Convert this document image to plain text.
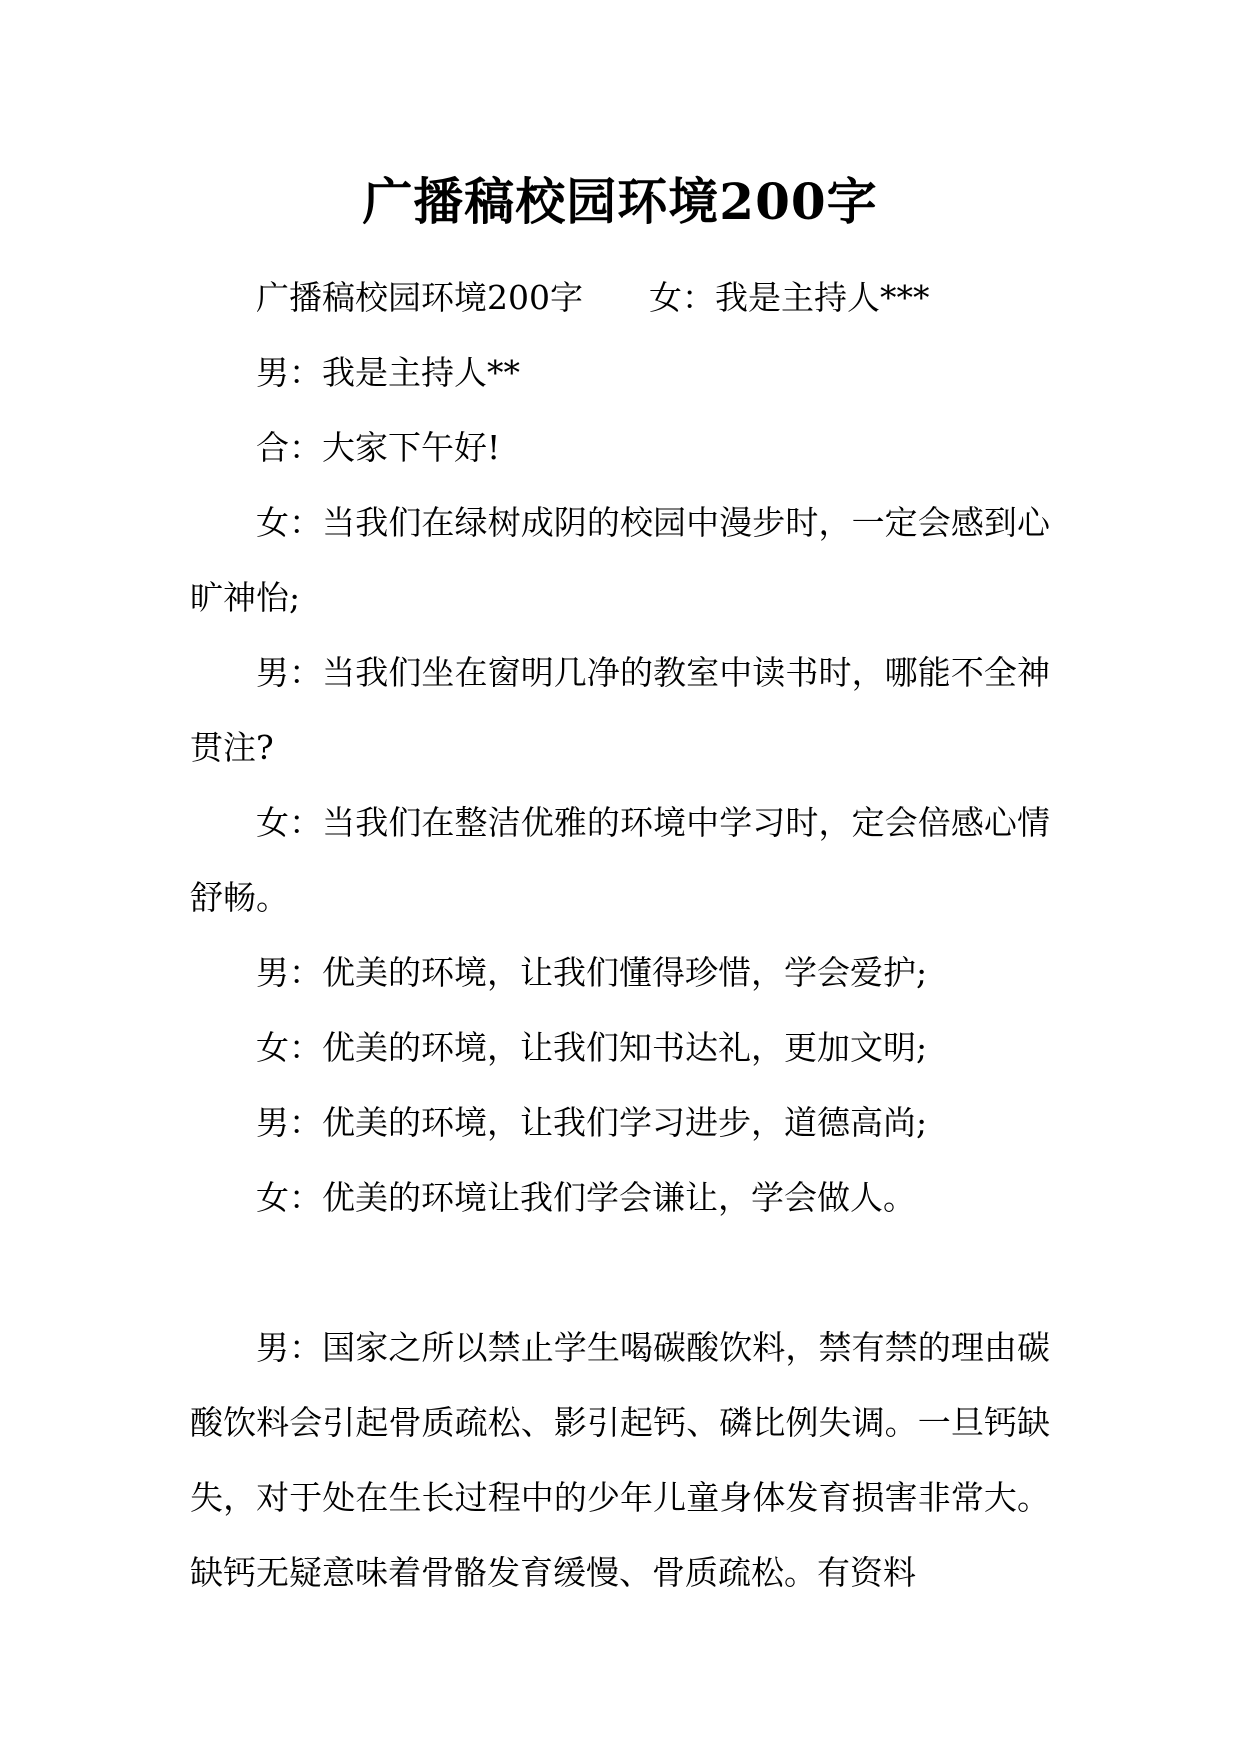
广播稿校园环境200字

广播稿校园环境200字 女：我是主持人***

男：我是主持人**

合：大家下午好!

女：当我们在绿树成阴的校园中漫步时，一定会感到心旷神怡;

男：当我们坐在窗明几净的教室中读书时，哪能不全神贯注?

女：当我们在整洁优雅的环境中学习时，定会倍感心情舒畅。

男：优美的环境，让我们懂得珍惜，学会爱护;

女：优美的环境，让我们知书达礼，更加文明;

男：优美的环境，让我们学习进步，道德高尚;

女：优美的环境让我们学会谦让，学会做人。

男：国家之所以禁止学生喝碳酸饮料，禁有禁的理由碳酸饮料会引起骨质疏松、影引起钙、磷比例失调。一旦钙缺失，对于处在生长过程中的少年儿童身体发育损害非常大。缺钙无疑意味着骨骼发育缓慢、骨质疏松。有资料
